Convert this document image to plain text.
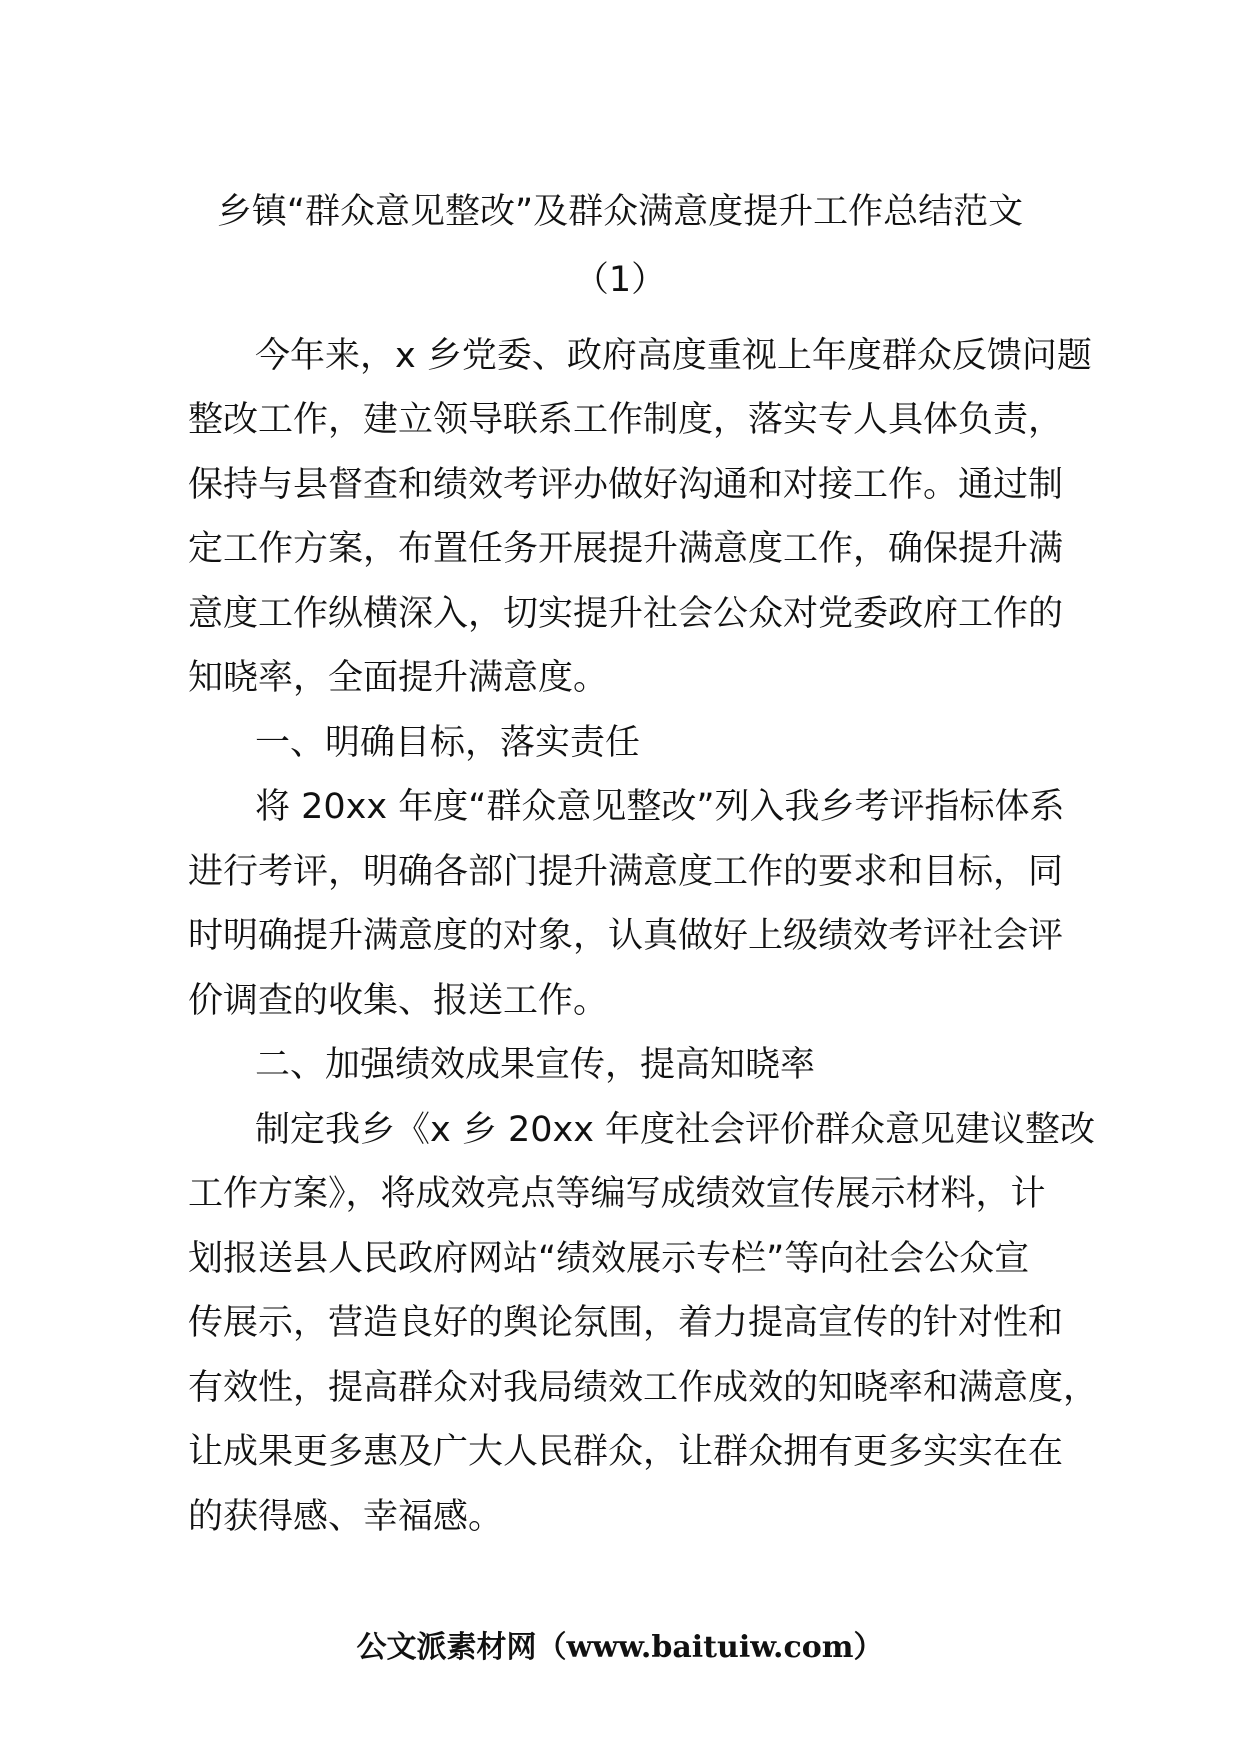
乡镇“群众意见整改”及群众满意度提升工作总结范文
（1）
今年来，x 乡党委、政府高度重视上年度群众反馈问题
整改工作，建立领导联系工作制度，落实专人具体负责，
保持与县督查和绩效考评办做好沟通和对接工作。通过制
定工作方案，布置任务开展提升满意度工作，确保提升满
意度工作纵横深入，切实提升社会公众对党委政府工作的
知晓率，全面提升满意度。
一、明确目标，落实责任
将 20xx 年度“群众意见整改”列入我乡考评指标体系
进行考评，明确各部门提升满意度工作的要求和目标，同
时明确提升满意度的对象，认真做好上级绩效考评社会评
价调查的收集、报送工作。
二、加强绩效成果宣传，提高知晓率
制定我乡《x 乡 20xx 年度社会评价群众意见建议整改
工作方案》，将成效亮点等编写成绩效宣传展示材料，计
划报送县人民政府网站“绩效展示专栏”等向社会公众宣
传展示，营造良好的舆论氛围，着力提高宣传的针对性和
有效性，提高群众对我局绩效工作成效的知晓率和满意度，
让成果更多惠及广大人民群众，让群众拥有更多实实在在
的获得感、幸福感。
公文派素材网（www.baituiw.com）
